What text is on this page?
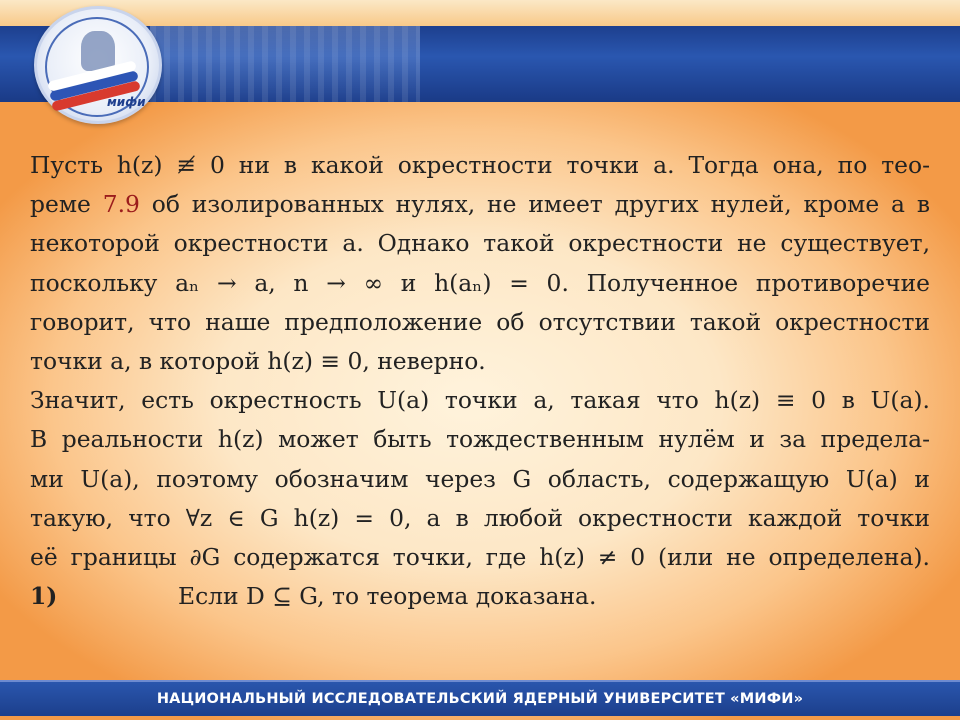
мифи
Пусть h(z) ≢ 0 ни в какой окрестности точки a. Тогда она, по тео-
реме 7.9 об изолированных нулях, не имеет других нулей, кроме a в
некоторой окрестности a. Однако такой окрестности не существует,
поскольку aₙ → a, n → ∞ и h(aₙ) = 0. Полученное противоречие
говорит, что наше предположение об отсутствии такой окрестности
точки a, в которой h(z) ≡ 0, неверно.
Значит, есть окрестность U(a) точки a, такая что h(z) ≡ 0 в U(a).
В реальности h(z) может быть тождественным нулём и за предела-
ми U(a), поэтому обозначим через G область, содержащую U(a) и
такую, что ∀z ∈ G h(z) = 0, а в любой окрестности каждой точки
её границы ∂G содержатся точки, где h(z) ≠ 0 (или не определена).
1)	Если D ⊆ G, то теорема доказана.
НАЦИОНАЛЬНЫЙ ИССЛЕДОВАТЕЛЬСКИЙ ЯДЕРНЫЙ УНИВЕРСИТЕТ «МИФИ»
